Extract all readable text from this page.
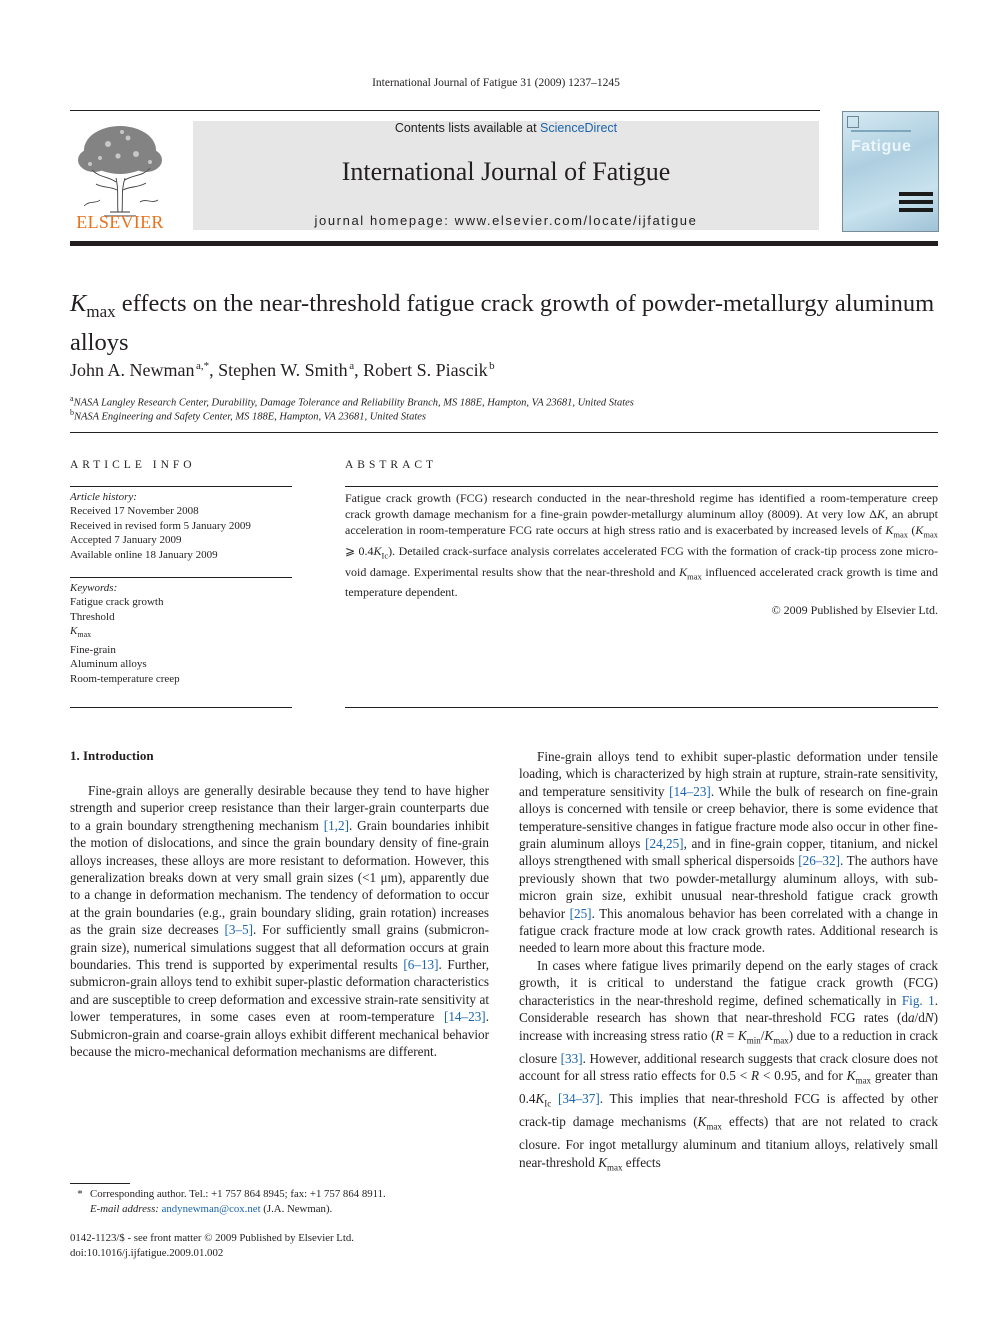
International Journal of Fatigue 31 (2009) 1237–1245
ELSEVIER
Contents lists available at ScienceDirect
International Journal of Fatigue
journal homepage: www.elsevier.com/locate/ijfatigue
Fatigue
$K_{max}$ effects on the near-threshold fatigue crack growth of powder-metallurgy aluminum alloys
John A. Newman  $^{a,*}$, Stephen W. Smith  $^a$, Robert S. Piascik  $^b$
$^a$NASA Langley Research Center, Durability, Damage Tolerance and Reliability Branch, MS 188E, Hampton, VA 23681, United States
$^b$NASA Engineering and Safety Center, MS 188E, Hampton, VA 23681, United States
ARTICLE INFO	ABSTRACT
Article history:
Received 17 November 2008
Received in revised form 5 January 2009
Accepted 7 January 2009
Available online 18 January 2009
Keywords:
Fatigue crack growth
Threshold
$K_{max}$
Fine-grain
Aluminum alloys
Room-temperature creep
Fatigue crack growth (FCG) research conducted in the near-threshold regime has identified a room-temperature creep crack growth damage mechanism for a fine-grain powder-metallurgy aluminum alloy (8009). At very low ΔK, an abrupt acceleration in room-temperature FCG rate occurs at high stress ratio and is exacerbated by increased levels of $K_{max}$ ($K_{max}$ ⩾ $0.4K_{Ic}$). Detailed crack-surface analysis correlates accelerated FCG with the formation of crack-tip process zone micro-void damage. Experimental results show that the near-threshold and $K_{max}$ influenced accelerated crack growth is time and temperature dependent.
© 2009 Published by Elsevier Ltd.
1. Introduction

Fine-grain alloys are generally desirable because they tend to have higher strength and superior creep resistance than their larger-grain counterparts due to a grain boundary strengthening mechanism [1,2]. Grain boundaries inhibit the motion of dislocations, and since the grain boundary density of fine-grain alloys increases, these alloys are more resistant to deformation. However, this generalization breaks down at very small grain sizes (<1 μm), apparently due to a change in deformation mechanism. The tendency of deformation to occur at the grain boundaries (e.g., grain boundary sliding, grain rotation) increases as the grain size decreases [3–5]. For sufficiently small grains (submicron-grain size), numerical simulations suggest that all deformation occurs at grain boundaries. This trend is supported by experimental results [6–13]. Further, submicron-grain alloys tend to exhibit super-plastic deformation characteristics and are susceptible to creep deformation and excessive strain-rate sensitivity at lower temperatures, in some cases even at room-temperature [14–23]. Submicron-grain and coarse-grain alloys exhibit different mechanical behavior because the micro-mechanical deformation mechanisms are different.

Fine-grain alloys tend to exhibit super-plastic deformation under tensile loading, which is characterized by high strain at rupture, strain-rate sensitivity, and temperature sensitivity [14–23]. While the bulk of research on fine-grain alloys is concerned with tensile or creep behavior, there is some evidence that temperature-sensitive changes in fatigue fracture mode also occur in other fine-grain aluminum alloys [24,25], and in fine-grain copper, titanium, and nickel alloys strengthened with small spherical dispersoids [26–32]. The authors have previously shown that two powder-metallurgy aluminum alloys, with sub-micron grain size, exhibit unusual near-threshold fatigue crack growth behavior [25]. This anomalous behavior has been correlated with a change in fatigue crack fracture mode at low crack growth rates. Additional research is needed to learn more about this fracture mode.

In cases where fatigue lives primarily depend on the early stages of crack growth, it is critical to understand the fatigue crack growth (FCG) characteristics in the near-threshold regime, defined schematically in Fig. 1. Considerable research has shown that near-threshold FCG rates (da/dN) increase with increasing stress ratio $(R = K_{min}/K_{max})$ due to a reduction in crack closure [33]. However, additional research suggests that crack closure does not account for all stress ratio effects for 0.5 < R < 0.95, and for $K_{max}$ greater than $0.4K_{Ic}$ [34–37]. This implies that near-threshold FCG is affected by other crack-tip damage mechanisms ($K_{max}$ effects) that are not related to crack closure. For ingot metallurgy aluminum and titanium alloys, relatively small near-threshold $K_{max}$ effects

* Corresponding author. Tel.: +1 757 864 8945; fax: +1 757 864 8911.
E-mail address: andynewman@cox.net (J.A. Newman).
0142-1123/$ - see front matter © 2009 Published by Elsevier Ltd.
doi:10.1016/j.ijfatigue.2009.01.002
